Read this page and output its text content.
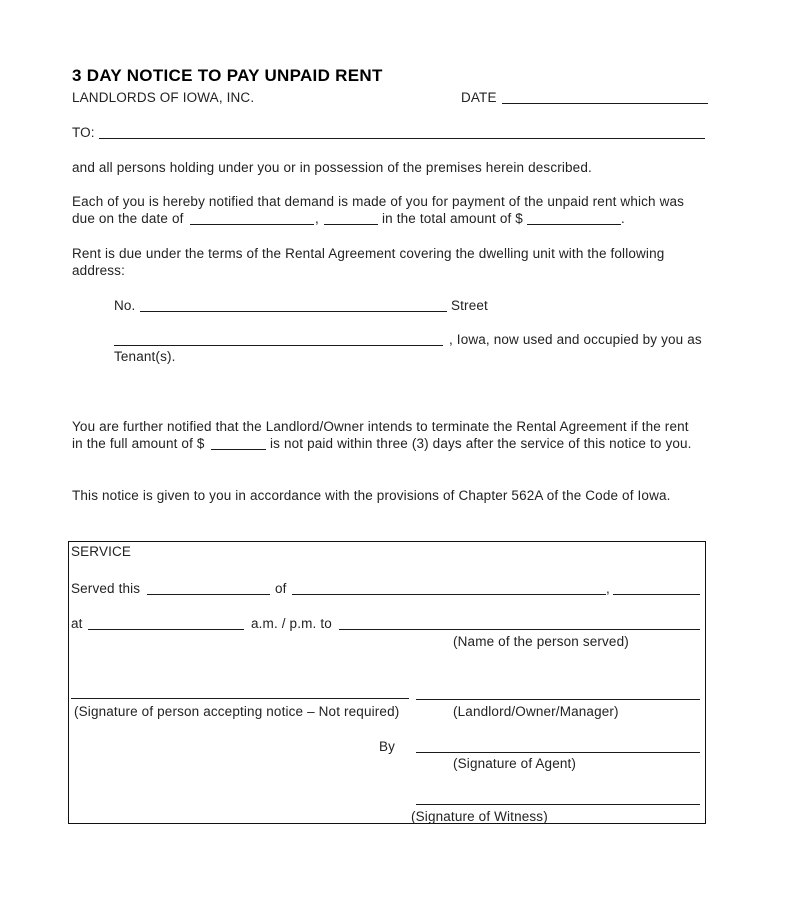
3 DAY NOTICE TO PAY UNPAID RENT
LANDLORDS OF IOWA, INC.	DATE
TO:
and all persons holding under you or in possession of the premises herein described.
Each of you is hereby notified that demand is made of you for payment of the unpaid rent which was
due on the date of	,	in the total amount of $	.
Rent is due under the terms of the Rental Agreement covering the dwelling unit with the following
address:
No.	Street
, Iowa, now used and occupied by you as
Tenant(s).
You are further notified that the Landlord/Owner intends to terminate the Rental Agreement if the rent
in the full amount of $	is not paid within three (3) days after the service of this notice to you.
This notice is given to you in accordance with the provisions of Chapter 562A of the Code of Iowa.
SERVICE
Served this	of	,
at	a.m. / p.m. to
(Name of the person served)
(Signature of person accepting notice – Not required)	(Landlord/Owner/Manager)
By
(Signature of Agent)
(Signature of Witness)
